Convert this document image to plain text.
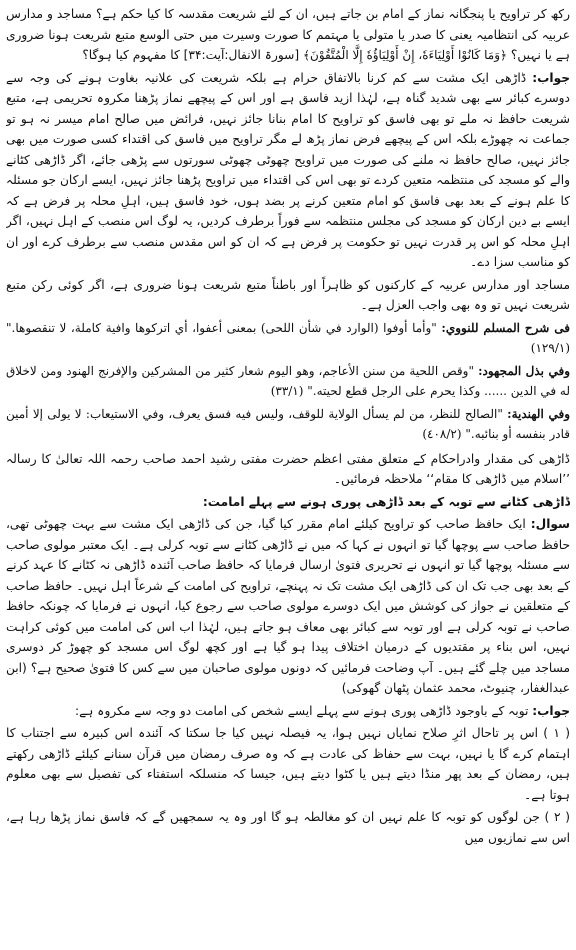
رکھ کر تراویح یا پنجگانہ نماز کے امام بن جاتے ہیں، ان کے لئے شریعت مقدسہ کا کیا حکم ہے؟ مساجد و مدارس عربیہ کی انتظامیہ یعنی کا صدر یا متولی یا مہتمم کا صورت وسیرت میں حتی الوسع متبع شریعت ہونا ضروری ہے یا نہیں؟ ﴿وَمَا كَانُوْا أَوْلِيَاءَهٗ، إِنْ أَوْلِيَاؤُهٗ إِلَّا الْمُتَّقُوْنَ﴾ [سورۃ الانفال:آیت:۳۴] کا مفہوم کیا ہوگا؟

جواب: ڈاڑھی ایک مشت سے کم کرنا بالاتفاق حرام ہے بلکہ شریعت کی علانیہ بغاوت ہونے کی وجہ سے دوسرے کبائر سے بھی شدید گناہ ہے، لہٰذا ازید فاسق ہے اور اس کے پیچھے نماز پڑھنا مکروہ تحریمی ہے، متبع شریعت حافظ نہ ملے تو بھی فاسق کو تراویح کا امام بنانا جائز نہیں، فرائض میں صالح امام میسر نہ ہو تو جماعت نہ چھوڑے بلکہ اس کے پیچھے فرض نماز پڑھ لے مگر تراویح میں فاسق کی اقتداء کسی صورت میں بھی جائز نہیں، صالح حافظ نہ ملنے کی صورت میں تراویح چھوٹی چھوٹی سورتوں سے پڑھی جائے، اگر ڈاڑھی کٹانے والے کو مسجد کی منتظمہ متعین کردے تو بھی اس کی اقتداء میں تراویح پڑھنا جائز نہیں، ایسے ارکان جو مسئلہ کا علم ہونے کے بعد بھی فاسق کو امام متعین کرنے پر بضد ہوں، خود فاسق ہیں، اہلِ محلہ پر فرض ہے کہ ایسے بے دین ارکان کو مسجد کی مجلس منتظمہ سے فوراً برطرف کردیں، یہ لوگ اس منصب کے اہل نہیں، اگر اہلِ محلہ کو اس پر قدرت نہیں تو حکومت پر فرض ہے کہ ان کو اس مقدس منصب سے برطرف کرے اور ان کو مناسب سزا دے۔

مساجد اور مدارس عربیہ کے کارکنوں کو ظاہراً اور باطناً متبع شریعت ہونا ضروری ہے، اگر کوئی رکن متبع شریعت نہیں تو وہ بھی واجب العزل ہے۔

فی شرح المسلم للنووي: "وأما أوفوا (الوارد في شأن اللحى) بمعنى أعفوا، أي اتركوها وافية كاملة، لا تنقصوها." (١٢٩/١)

وفي بذل المجهود: "وقص اللحية من سنن الأعاجم، وهو اليوم شعار كثير من المشركين والإفرنج الهنود ومن لاخلاق له في الدين ...... وكذا يحرم على الرجل قطع لحيته." (٣٣/١)

وفي الهندية: "الصالح للنظر، من لم يسأل الولاية للوقف، وليس فيه فسق يعرف، وفي الاستيعاب: لا يولى إلا أمين قادر بنفسه أو بنائبه." (٤٠٨/٢)

ڈاڑھی کی مقدار وادراحکام کے متعلق مفتی اعظم حضرت مفتی رشید احمد صاحب رحمہ اللہ تعالیٰ کا رسالہ ’’اسلام میں ڈاڑھی کا مقام‘‘ ملاحظہ فرمائیں۔

ڈاڑھی کٹانے سے توبہ کے بعد ڈاڑھی پوری ہونے سے پہلے امامت:

سوال: ایک حافظ صاحب کو تراویح کیلئے امام مقرر کیا گیا، جن کی ڈاڑھی ایک مشت سے بہت چھوٹی تھی، حافظ صاحب سے پوچھا گیا تو انہوں نے کہا کہ میں نے ڈاڑھی کٹانے سے توبہ کرلی ہے۔ ایک معتبر مولوی صاحب سے مسئلہ پوچھا گیا تو انہوں نے تحریری فتویٰ ارسال فرمایا کہ حافظ صاحب آئندہ ڈاڑھی نہ کٹانے کا عہد کرنے کے بعد بھی جب تک ان کی ڈاڑھی ایک مشت تک نہ پہنچے، تراویح کی امامت کے شرعاً اہل نہیں۔ حافظ صاحب کے متعلقین نے جواز کی کوشش میں ایک دوسرے مولوی صاحب سے رجوع کیا، انہوں نے فرمایا کہ چونکہ حافظ صاحب نے توبہ کرلی ہے اور توبہ سے کبائر بھی معاف ہو جاتے ہیں، لہٰذا اب اس کی امامت میں کوئی کراہت نہیں، اس بناء پر مقتدیوں کے درمیان اختلاف پیدا ہو گیا ہے اور کچھ لوگ اس مسجد کو چھوڑ کر دوسری مساجد میں چلے گئے ہیں۔ آپ وضاحت فرمائیں کہ دونوں مولوی صاحبان میں سے کس کا فتویٰ صحیح ہے؟ (ابن عبدالغفار، چنیوٹ، محمد عثمان پٹھان گھوکی)

جواب: توبہ کے باوجود ڈاڑھی پوری ہونے سے پہلے ایسے شخص کی امامت دو وجہ سے مکروہ ہے:

( ۱ ) اس پر تاحال اثرِ صلاح نمایاں نہیں ہوا، یہ فیصلہ نہیں کیا جا سکتا کہ آئندہ اس کبیرہ سے اجتناب کا اہتمام کرے گا یا نہیں، بہت سے حفاظ کی عادت ہے کہ وہ صرف رمضان میں قرآن سنانے کیلئے ڈاڑھی رکھتے ہیں، رمضان کے بعد پھر منڈا دیتے ہیں یا کٹوا دیتے ہیں، جیسا کہ منسلکہ استفتاء کی تفصیل سے بھی معلوم ہوتا ہے۔

( ۲ ) جن لوگوں کو توبہ کا علم نہیں ان کو مغالطہ ہو گا اور وہ یہ سمجھیں گے کہ فاسق نماز پڑھا رہا ہے، اس سے نمازیوں میں
